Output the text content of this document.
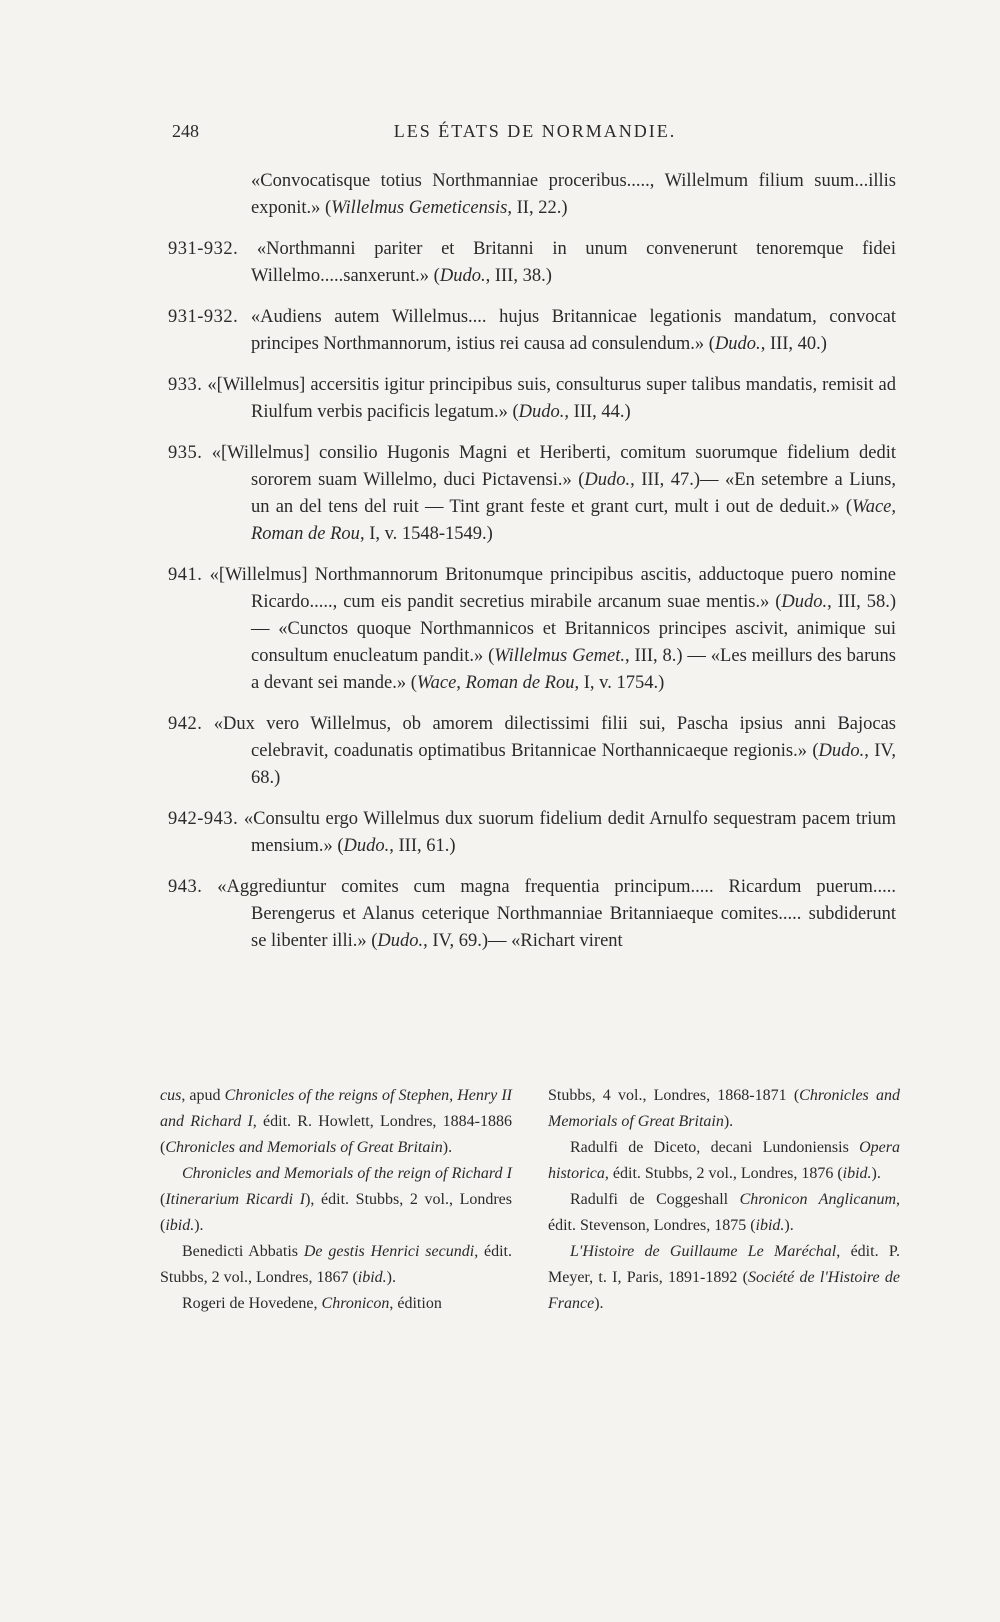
248	LES ÉTATS DE NORMANDIE.

«Convocatisque totius Northmanniae proceribus....., Willelmum filium suum...illis exponit.» (Willelmus Gemeticensis, II, 22.)

931-932. «Northmanni pariter et Britanni in unum convenerunt tenoremque fidei Willelmo.....sanxerunt.» (Dudo., III, 38.)

931-932. «Audiens autem Willelmus.... hujus Britannicae legationis mandatum, convocat principes Northmannorum, istius rei causa ad consulendum.» (Dudo., III, 40.)

933. «[Willelmus] accersitis igitur principibus suis, consulturus super talibus mandatis, remisit ad Riulfum verbis pacificis legatum.» (Dudo., III, 44.)

935. «[Willelmus] consilio Hugonis Magni et Heriberti, comitum suorumque fidelium dedit sororem suam Willelmo, duci Pictavensi.» (Dudo., III, 47.)— «En setembre a Liuns, un an del tens del ruit — Tint grant feste et grant curt, mult i out de deduit.» (Wace, Roman de Rou, I, v. 1548-1549.)

941. «[Willelmus] Northmannorum Britonumque principibus ascitis, adductoque puero nomine Ricardo....., cum eis pandit secretius mirabile arcanum suae mentis.» (Dudo., III, 58.)— «Cunctos quoque Northmannicos et Britannicos principes ascivit, animique sui consultum enucleatum pandit.» (Willelmus Gemet., III, 8.) — «Les meillurs des baruns a devant sei mande.» (Wace, Roman de Rou, I, v. 1754.)

942. «Dux vero Willelmus, ob amorem dilectissimi filii sui, Pascha ipsius anni Bajocas celebravit, coadunatis optimatibus Britannicae Northannicaeque regionis.» (Dudo., IV, 68.)

942-943. «Consultu ergo Willelmus dux suorum fidelium dedit Arnulfo sequestram pacem trium mensium.» (Dudo., III, 61.)

943. «Aggrediuntur comites cum magna frequentia principum..... Ricardum puerum..... Berengerus et Alanus ceterique Northmanniae Britanniaeque comites..... subdiderunt se libenter illi.» (Dudo., IV, 69.)— «Richart virent

cus, apud Chronicles of the reigns of Stephen, Henry II and Richard I, édit. R. Howlett, Londres, 1884-1886 (Chronicles and Memorials of Great Britain).

Chronicles and Memorials of the reign of Richard I (Itinerarium Ricardi I), édit. Stubbs, 2 vol., Londres (ibid.).

Benedicti Abbatis De gestis Henrici secundi, édit. Stubbs, 2 vol., Londres, 1867 (ibid.).

Rogeri de Hovedene, Chronicon, édition

Stubbs, 4 vol., Londres, 1868-1871 (Chronicles and Memorials of Great Britain).

Radulfi de Diceto, decani Lundoniensis Opera historica, édit. Stubbs, 2 vol., Londres, 1876 (ibid.).

Radulfi de Coggeshall Chronicon Anglicanum, édit. Stevenson, Londres, 1875 (ibid.).

L'Histoire de Guillaume Le Maréchal, édit. P. Meyer, t. I, Paris, 1891-1892 (Société de l'Histoire de France).
